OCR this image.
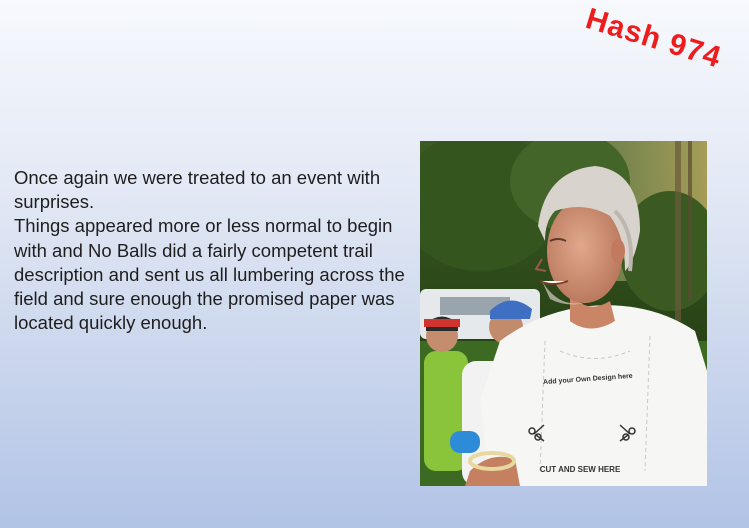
Hash 974

Once again we were treated to an event with surprises.

Things appeared more or less normal to begin with and No Balls did a fairly competent trail description and sent us all lumbering across the field and sure enough the promised paper was located quickly enough.

Add your Own Design here
CUT AND SEW HERE
